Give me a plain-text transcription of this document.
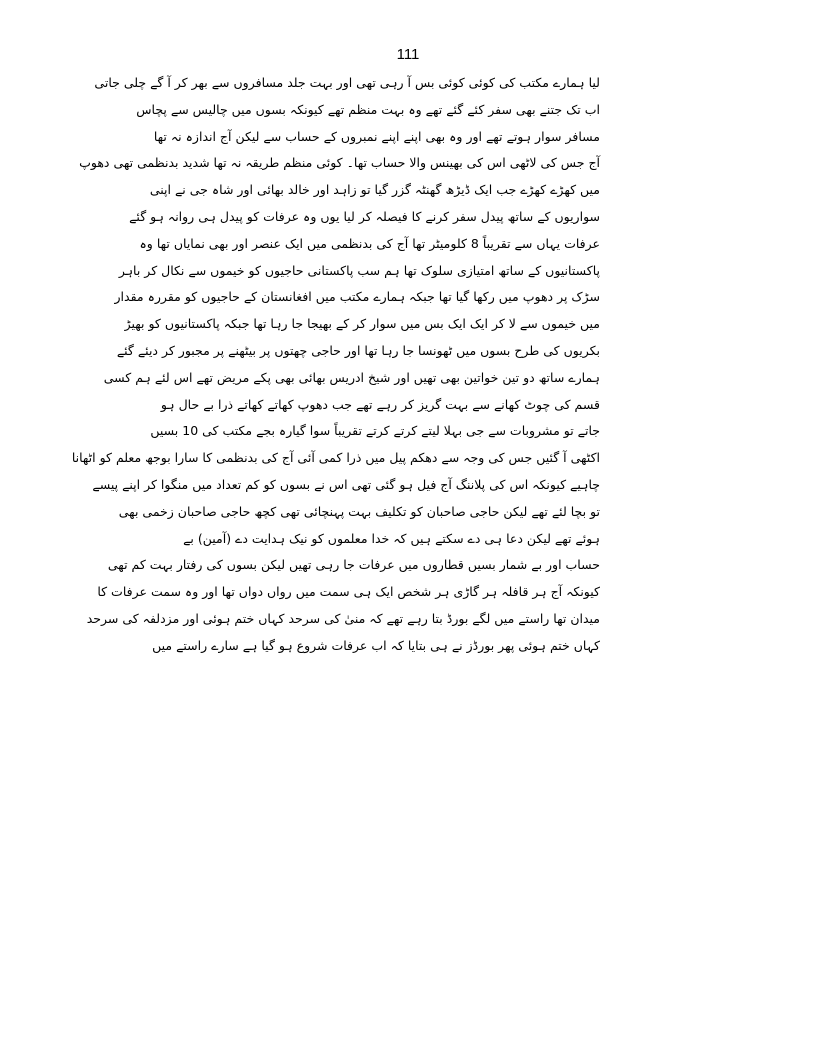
111
لیا ہمارے مکتب کی کوئی کوئی بس آ رہی تھی اور بہت جلد مسافروں سے بھر کر آ گے چلی جاتی
اب تک جتنے بھی سفر کئے گئے تھے وہ بہت منظم تھے کیونکہ بسوں میں چالیس سے پچاس
مسافر سوار ہوتے تھے اور وہ بھی اپنے اپنے نمبروں کے حساب سے لیکن آج اندازہ نہ تھا
آج جس کی لاٹھی اس کی بھینس والا حساب تھا۔ کوئی منظم طریقہ نہ تھا شدید بدنظمی تھی دھوپ
میں کھڑے کھڑے جب ایک ڈیڑھ گھنٹہ گزر گیا تو زاہد اور خالد بھائی اور شاہ جی نے اپنی
سواریوں کے ساتھ پیدل سفر کرنے کا فیصلہ کر لیا یوں وہ عرفات کو پیدل ہی روانہ ہو گئے
عرفات یہاں سے تقریباً 8 کلومیٹر تھا آج کی بدنظمی میں ایک عنصر اور بھی نمایاں تھا وہ
پاکستانیوں کے ساتھ امتیازی سلوک تھا ہم سب پاکستانی حاجیوں کو خیموں سے نکال کر باہر
سڑک پر دھوپ میں رکھا گیا تھا جبکہ ہمارے مکتب میں افغانستان کے حاجیوں کو مقررہ مقدار
میں خیموں سے لا کر ایک ایک بس میں سوار کر کے بھیجا جا رہا تھا جبکہ پاکستانیوں کو بھیڑ
بکریوں کی طرح بسوں میں ٹھونسا جا رہا تھا اور حاجی چھتوں پر بیٹھنے پر مجبور کر دیئے گئے
ہمارے ساتھ دو تین خواتین بھی تھیں اور شیخ ادریس بھائی بھی پکے مریض تھے اس لئے ہم کسی
قسم کی چوٹ کھانے سے بہت گریز کر رہے تھے جب دھوپ کھاتے کھاتے ذرا بے حال ہو
جاتے تو مشروبات سے جی بہلا لیتے کرتے کرتے تقریباً سوا گیارہ بجے مکتب کی 10 بسیں
اکٹھی آ گئیں جس کی وجہ سے دھکم پیل میں ذرا کمی آئی آج کی بدنظمی کا سارا بوجھ معلم کو اٹھانا
چاہیے کیونکہ اس کی پلاننگ آج فیل ہو گئی تھی اس نے بسوں کو کم تعداد میں منگوا کر اپنے پیسے
تو بچا لئے تھے لیکن حاجی صاحبان کو تکلیف بہت پہنچائی تھی کچھ حاجی صاحبان زخمی بھی
ہوئے تھے لیکن دعا ہی دے سکتے ہیں کہ خدا معلموں کو نیک ہدایت دے (آمین) بے
حساب اور بے شمار بسیں قطاروں میں عرفات جا رہی تھیں لیکن بسوں کی رفتار بہت کم تھی
کیونکہ آج ہر قافلہ ہر گاڑی ہر شخص ایک ہی سمت میں رواں دواں تھا اور وہ سمت عرفات کا
میدان تھا راستے میں لگے بورڈ بتا رہے تھے کہ منیٰ کی سرحد کہاں ختم ہوئی اور مزدلفہ کی سرحد
کہاں ختم ہوئی پھر بورڈز نے ہی بتایا کہ اب عرفات شروع ہو گیا ہے سارے راستے میں
